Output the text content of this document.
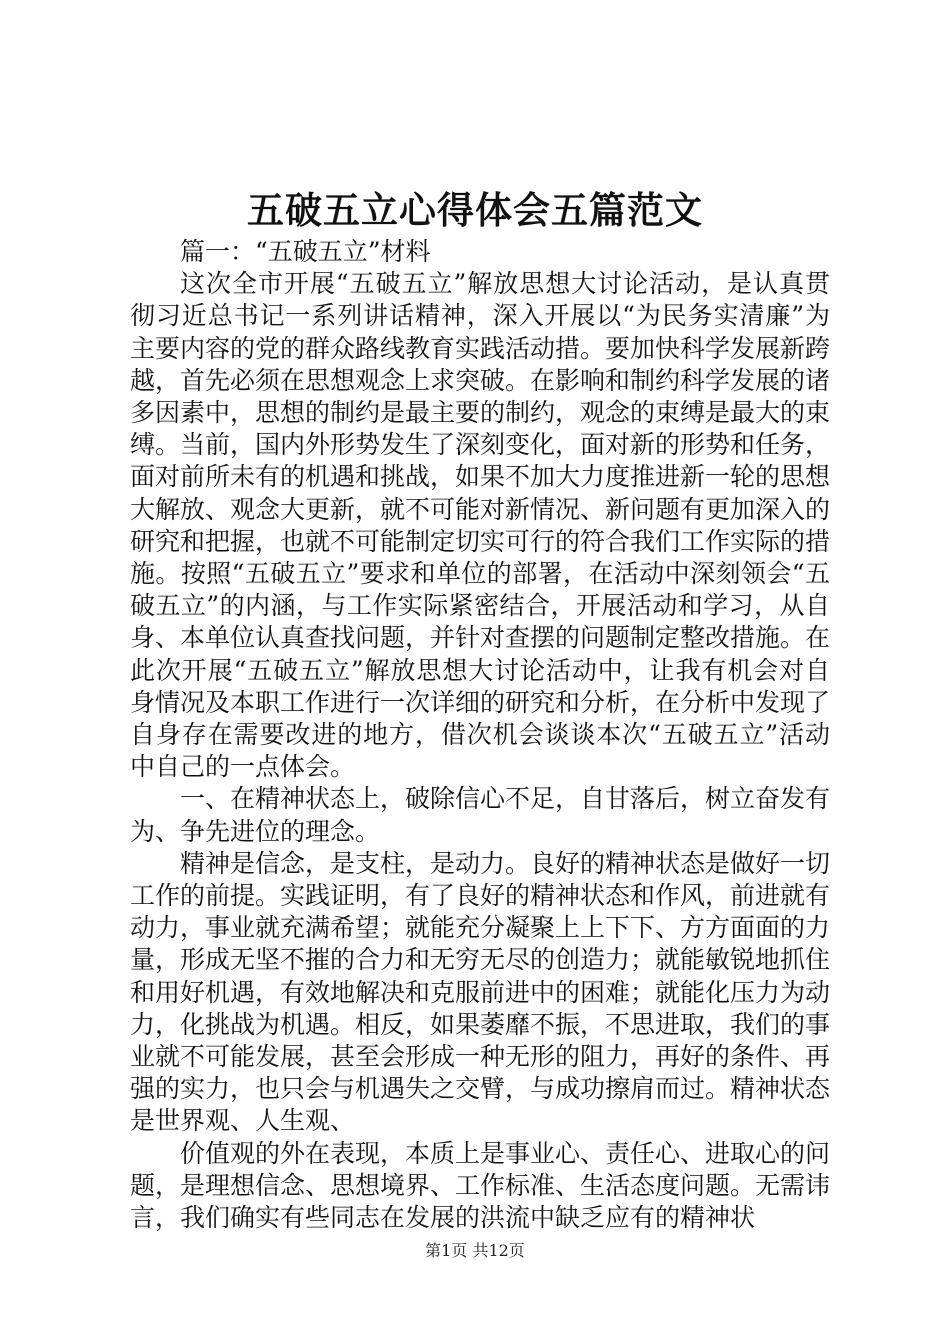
五破五立心得体会五篇范文

篇一：“五破五立”材料

这次全市开展“五破五立”解放思想大讨论活动，是认真贯彻习近总书记一系列讲话精神，深入开展以“为民务实清廉”为主要内容的党的群众路线教育实践活动措。要加快科学发展新跨越，首先必须在思想观念上求突破。在影响和制约科学发展的诸多因素中，思想的制约是最主要的制约，观念的束缚是最大的束缚。当前，国内外形势发生了深刻变化，面对新的形势和任务，面对前所未有的机遇和挑战，如果不加大力度推进新一轮的思想大解放、观念大更新，就不可能对新情况、新问题有更加深入的研究和把握，也就不可能制定切实可行的符合我们工作实际的措施。按照“五破五立”要求和单位的部署，在活动中深刻领会“五破五立”的内涵，与工作实际紧密结合，开展活动和学习，从自身、本单位认真查找问题，并针对查摆的问题制定整改措施。在此次开展“五破五立”解放思想大讨论活动中，让我有机会对自身情况及本职工作进行一次详细的研究和分析，在分析中发现了自身存在需要改进的地方，借次机会谈谈本次“五破五立”活动中自己的一点体会。

一、在精神状态上，破除信心不足，自甘落后，树立奋发有为、争先进位的理念。

精神是信念，是支柱，是动力。良好的精神状态是做好一切工作的前提。实践证明，有了良好的精神状态和作风，前进就有动力，事业就充满希望；就能充分凝聚上上下下、方方面面的力量，形成无坚不摧的合力和无穷无尽的创造力；就能敏锐地抓住和用好机遇，有效地解决和克服前进中的困难；就能化压力为动力，化挑战为机遇。相反，如果萎靡不振，不思进取，我们的事业就不可能发展，甚至会形成一种无形的阻力，再好的条件、再强的实力，也只会与机遇失之交臂，与成功擦肩而过。精神状态是世界观、人生观、

价值观的外在表现，本质上是事业心、责任心、进取心的问题，是理想信念、思想境界、工作标准、生活态度问题。无需讳言，我们确实有些同志在发展的洪流中缺乏应有的精神状

第1页 共12页
